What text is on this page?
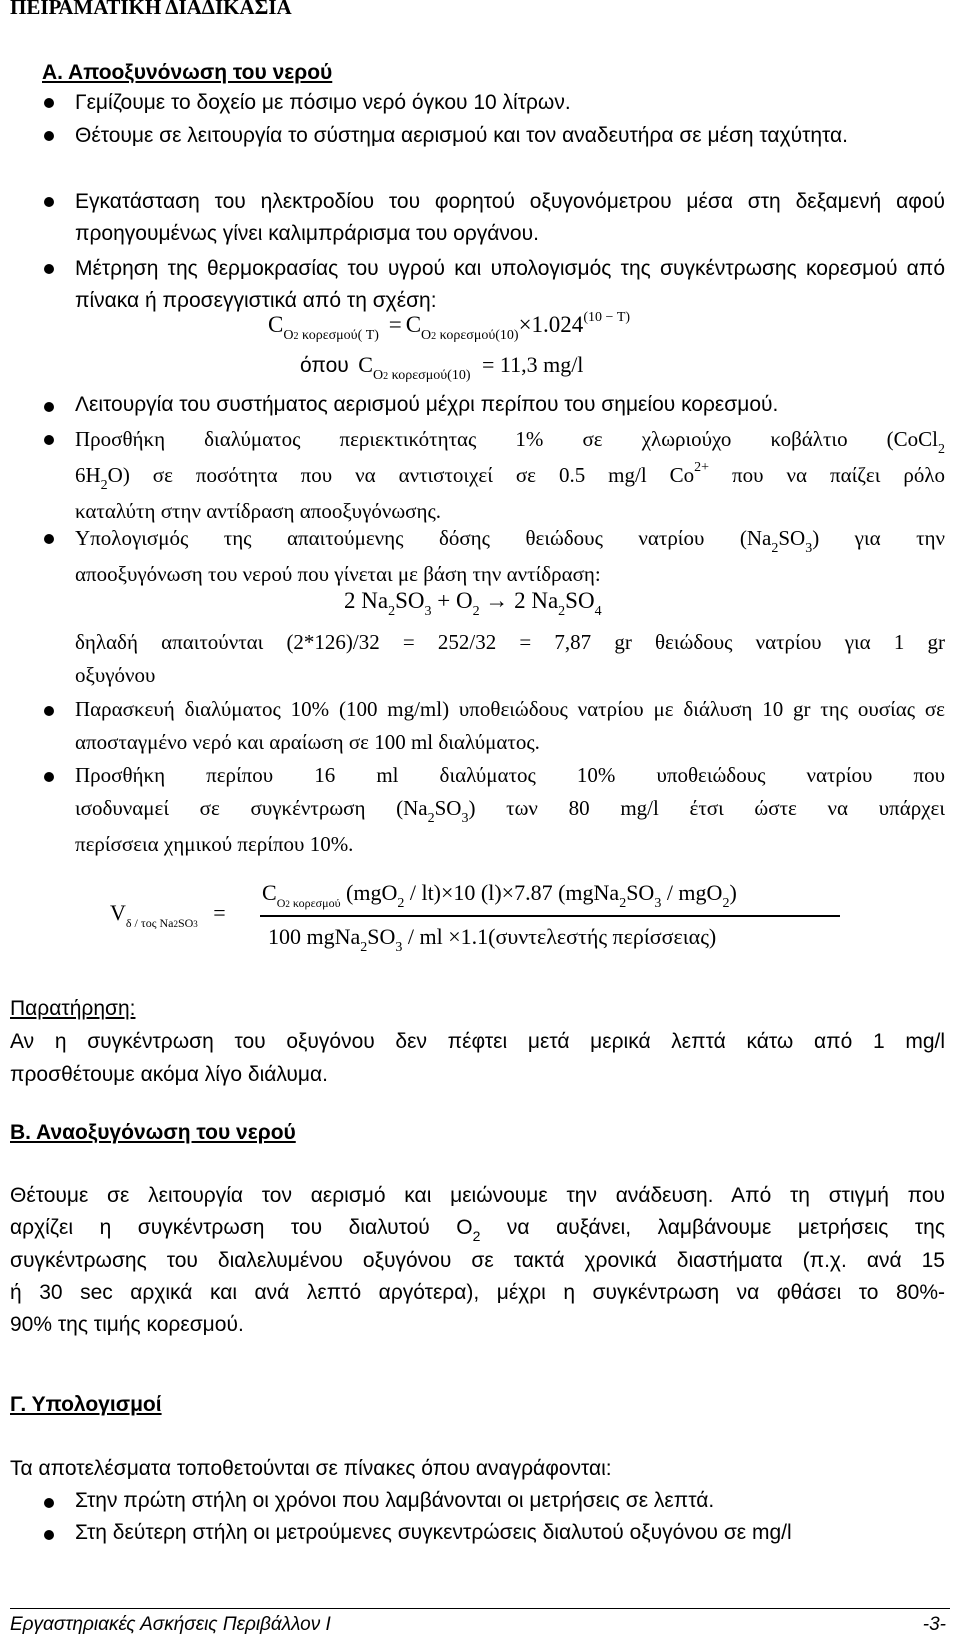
ΠΕΙΡΑΜΑΤΙΚΗ ΔΙΑΔΙΚΑΣΙΑ
Α. Αποοξυνόνωση του νερού
Γεμίζουμε το δοχείο με πόσιμο νερό όγκου 10 λίτρων.
Θέτουμε σε λειτουργία το σύστημα αερισμού και τον αναδευτήρα σε μέση ταχύτητα.
Εγκατάσταση του ηλεκτροδίου του φορητού οξυγονόμετρου μέσα στη δεξαμενή αφού προηγουμένως γίνει καλιμπράρισμα του οργάνου.
Μέτρηση της θερμοκρασίας του υγρού και υπολογισμός της συγκέντρωσης κορεσμού από πίνακα ή προσεγγιστικά από τη σχέση:
$C_{O2 \kappa o\rho\varepsilon\sigma\mu oύ( T)} = C_{O2 \kappa o\rho\varepsilon\sigma\mu oύ(10)}\times 1.024^{(10 - T)}$
όπου $C_{O2 \kappa o\rho\varepsilon\sigma\mu oύ(10)} = 11,3$ mg/l
Λειτουργία του συστήματος αερισμού μέχρι περίπου του σημείου κορεσμού.
Προσθήκη διαλύματος περιεκτικότητας 1% σε χλωριούχο κοβάλτιο (CoCl$_2$
$6H_2O$) σε ποσότητα που να αντιστοιχεί σε 0.5 mg/l $Co^{2+}$ που να παίζει ρόλο
καταλύτη στην αντίδραση αποοξυγόνωσης.
Υπολογισμός της απαιτούμενης δόσης θειώδους νατρίου $(Na_2SO_3)$ για την
αποοξυγόνωση του νερού που γίνεται με βάση την αντίδραση:
2 $Na_2SO_3 + O_2 \to 2$ $Na_2SO_4$
δηλαδή απαιτούνται (2*126)/32 = 252/32 = 7,87 gr θειώδους νατρίου για 1 gr
οξυγόνου
Παρασκευή διαλύματος 10% (100 mg/ml) υποθειώδους νατρίου με διάλυση 10 gr της ουσίας σε αποσταγμένο νερό και αραίωση σε 100 ml διαλύματος.
Προσθήκη περίπου 16 ml διαλύματος 10% υποθειώδους νατρίου που
ισοδυναμεί σε συγκέντρωση $(Na_2SO_3)$ των 80 mg/l έτσι ώστε να υπάρχει
περίσσεια χημικού περίπου 10%.
$V_{\delta / \tau o\varsigma Na2SO3}$ =
$C_{O2 \kappa o\rho\varepsilon\sigma\mu oύ}$ (mgO$_2$ / lt)×10 (l)×7.87 $(mgNa_2SO_3 / mgO_2)$
100 $mgNa_2SO_3$ / ml ×1.1(συντελεστής περίσσειας)
Παρατήρηση:
Αν η συγκέντρωση του οξυγόνου δεν πέφτει μετά μερικά λεπτά κάτω από 1 mg/l
προσθέτουμε ακόμα λίγο διάλυμα.
Β. Αναοξυγόνωση του νερού
Θέτουμε σε λειτουργία τον αερισμό και μειώνουμε την ανάδευση. Από τη στιγμή που
αρχίζει η συγκέντρωση του διαλυτού $O_2$ να αυξάνει, λαμβάνουμε μετρήσεις της
συγκέντρωσης του διαλελυμένου οξυγόνου σε τακτά χρονικά διαστήματα (π.χ. ανά 15
ή 30 sec αρχικά και ανά λεπτό αργότερα), μέχρι η συγκέντρωση να φθάσει το 80%-
90% της τιμής κορεσμού.
Γ. Υπολογισμοί
Τα αποτελέσματα τοποθετούνται σε πίνακες όπου αναγράφονται:
Στην πρώτη στήλη οι χρόνοι που λαμβάνονται οι μετρήσεις σε λεπτά.
Στη δεύτερη στήλη οι μετρούμενες συγκεντρώσεις διαλυτού οξυγόνου σε mg/l
Εργαστηριακές Ασκήσεις Περιβάλλον Ι	-3-
